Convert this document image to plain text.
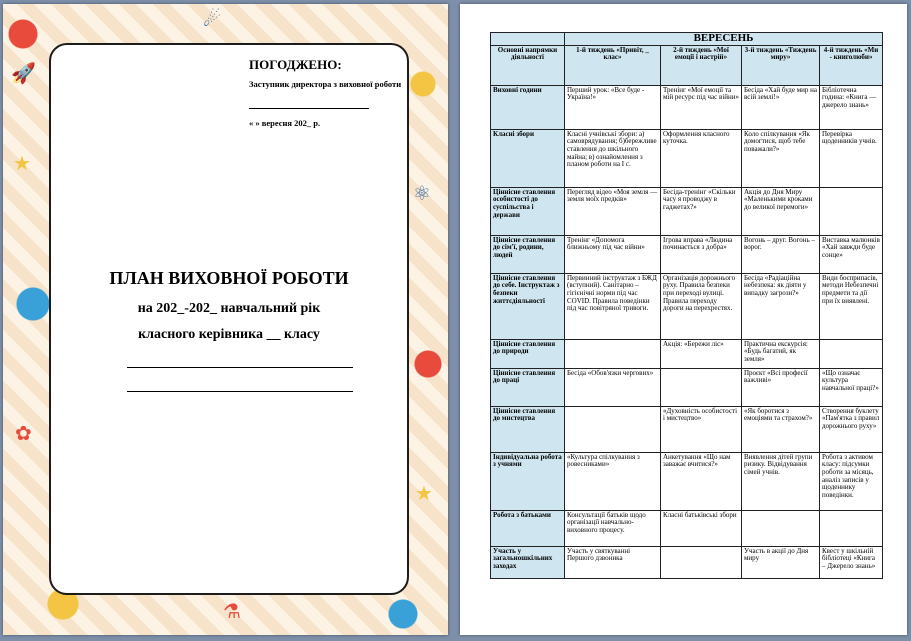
🚀
★
✿
⚛
★
☄
⚗
ПОГОДЖЕНО:
Заступник директора з виховної роботи
« » вересня 202_ р.
ПЛАН ВИХОВНОЇ РОБОТИ
на 202_-202_ навчальний рік
класного керівника __ класу
	ВЕРЕСЕНЬ			
Основні напрямки діяльності	1-й тиждень «Привіт, _ клас»	2-й тиждень «Мої емоції і настрій»	3-й тиждень «Тиждень миру»	4-й тиждень «Ми - книголюби»
Виховні години	Перший урок: «Все буде - Україна!»	Тренінг «Мої емоції та мій ресурс під час війни»	Бесіда «Хай буде мир на всій землі!»	Бібліотечна година: «Книга — джерело знань»
Класні збори	Класні учнівські збори: а) самоврядування; б)бережливе ставлення до шкільного майна; в) ознайомлення з планом роботи на І с.	Оформлення класного куточка.	Коло спілкування «Як домогтися, щоб тебе поважали?»	Перевірка щоденників учнів.
Ціннісне ставлення особистості до суспільства і держави	Перегляд відео «Моя земля — земля моїх предків»	Бесіда-тренінг «Скільки часу я проводжу в гаджетах?»	Акція до Дня Миру «Маленькими кроками до великої перемоги»	
Ціннісне ставлення до сім'ї, родини, людей	Тренінг «Допомога ближньому під час війни»	Ігрова вправа «Людина починається з добра»	Вогонь – друг. Вогонь – ворог.	Виставка малюнків «Хай завжди буде сонце»
Ціннісне ставлення до себе. Інструктаж з безпеки життєдіяльності	Первинний інструктаж з БЖД (вступний). Санітарно – гігієнічні норми під час COVID. Правила поведінки під час повітряної тривоги.	Організація дорожнього руху. Правила безпеки при переході вулиці. Правила переходу дороги на перехрестях.	Бесіда «Радіаційна небезпека: як діяти у випадку загрози?»	Види боєприпасів, методи Небезпечні предмети та дії при їх виявлені.
Ціннісне ставлення до природи		Акція: «Бережи ліс»	Практична екскурсія: «Будь багатий, як земля»	
Ціннісне ставлення до праці	Бесіда «Обов'язки чергових»		Проєкт «Всі професії важливі»	«Що означає культура навчальної праці?»
Ціннісне ставлення до мистецтва		«Духовність особистості і мистецтво»	«Як боротися з емоціями та страхом?»	Створення буклету «Пам'ятка з правил дорожнього руху»
Індивідуальна робота з учнями	«Культура спілкування з ровесниками»	Анкетування «Що нам заважає вчитися?»	Виявлення дітей групи ризику. Відвідування сімей учнів.	Робота з активом класу: підсумки роботи за місяць, аналіз записів у щоденнику поведінки.
Робота з батьками	Консультації батьків щодо організації навчально-виховного процесу.	Класні батьківські збори		
Участь у загальношкільних заходах	Участь у святкуванні Першого дзвоника		Участь в акції до Дня миру	Квест у шкільній бібліотеці «Книга – Джерело знань»
